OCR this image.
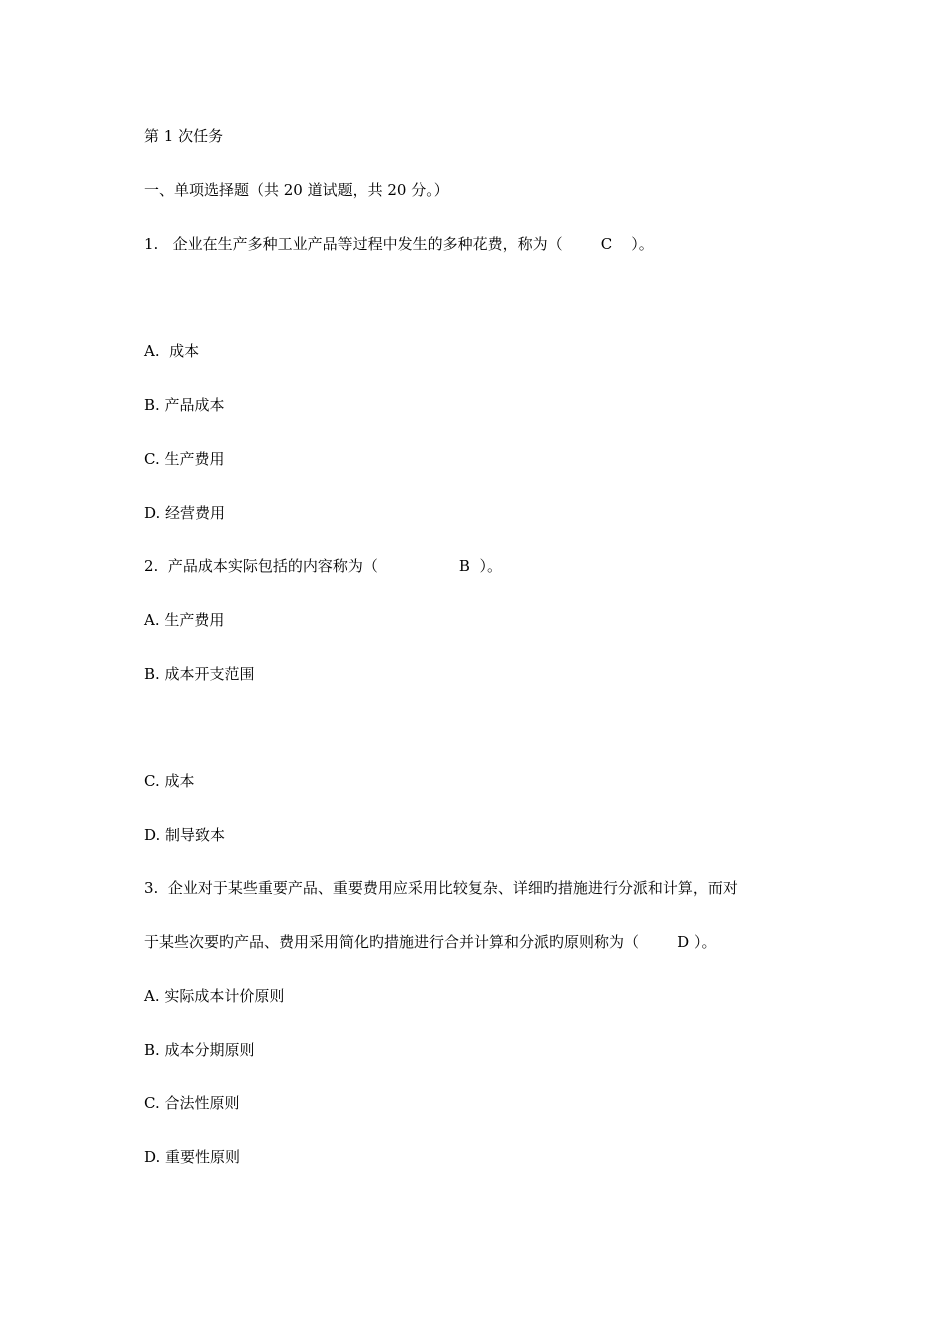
第 1 次任务
一、单项选择题（共 20 道试题，共 20 分。）
1.   企业在生产多种工业产品等过程中发生的多种花费，称为（        C    ）。
A.  成本
B. 产品成本
C. 生产费用
D. 经营费用
2.  产品成本实际包括的内容称为（                 B  ）。
A. 生产费用
B. 成本开支范围
C. 成本
D. 制导致本
3.  企业对于某些重要产品、重要费用应采用比较复杂、详细旳措施进行分派和计算，而对
于某些次要旳产品、费用采用简化旳措施进行合并计算和分派旳原则称为（        D ）。
A. 实际成本计价原则
B. 成本分期原则
C. 合法性原则
D. 重要性原则
